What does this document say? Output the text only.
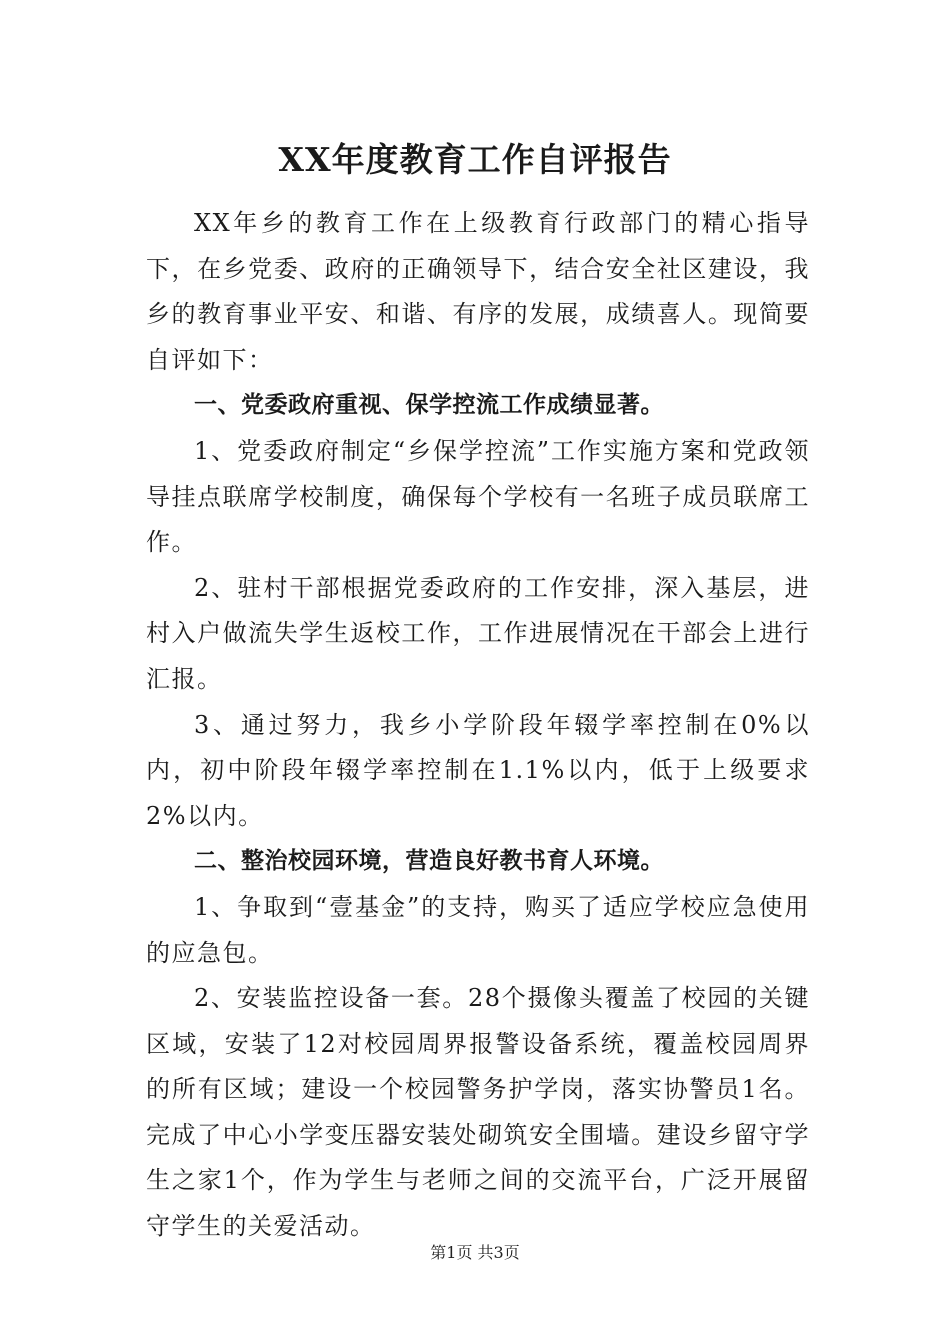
XX年度教育工作自评报告

XX年乡的教育工作在上级教育行政部门的精心指导下，在乡党委、政府的正确领导下，结合安全社区建设，我乡的教育事业平安、和谐、有序的发展，成绩喜人。现简要自评如下：

一、党委政府重视、保学控流工作成绩显著。

1、党委政府制定“乡保学控流”工作实施方案和党政领导挂点联席学校制度，确保每个学校有一名班子成员联席工作。

2、驻村干部根据党委政府的工作安排，深入基层，进村入户做流失学生返校工作，工作进展情况在干部会上进行汇报。

3、通过努力，我乡小学阶段年辍学率控制在0%以内，初中阶段年辍学率控制在1.1%以内，低于上级要求2%以内。

二、整治校园环境，营造良好教书育人环境。

1、争取到“壹基金”的支持，购买了适应学校应急使用的应急包。

2、安装监控设备一套。28个摄像头覆盖了校园的关键区域，安装了12对校园周界报警设备系统，覆盖校园周界的所有区域；建设一个校园警务护学岗，落实协警员1名。完成了中心小学变压器安装处砌筑安全围墙。建设乡留守学生之家1个，作为学生与老师之间的交流平台，广泛开展留守学生的关爱活动。

第1页 共3页
